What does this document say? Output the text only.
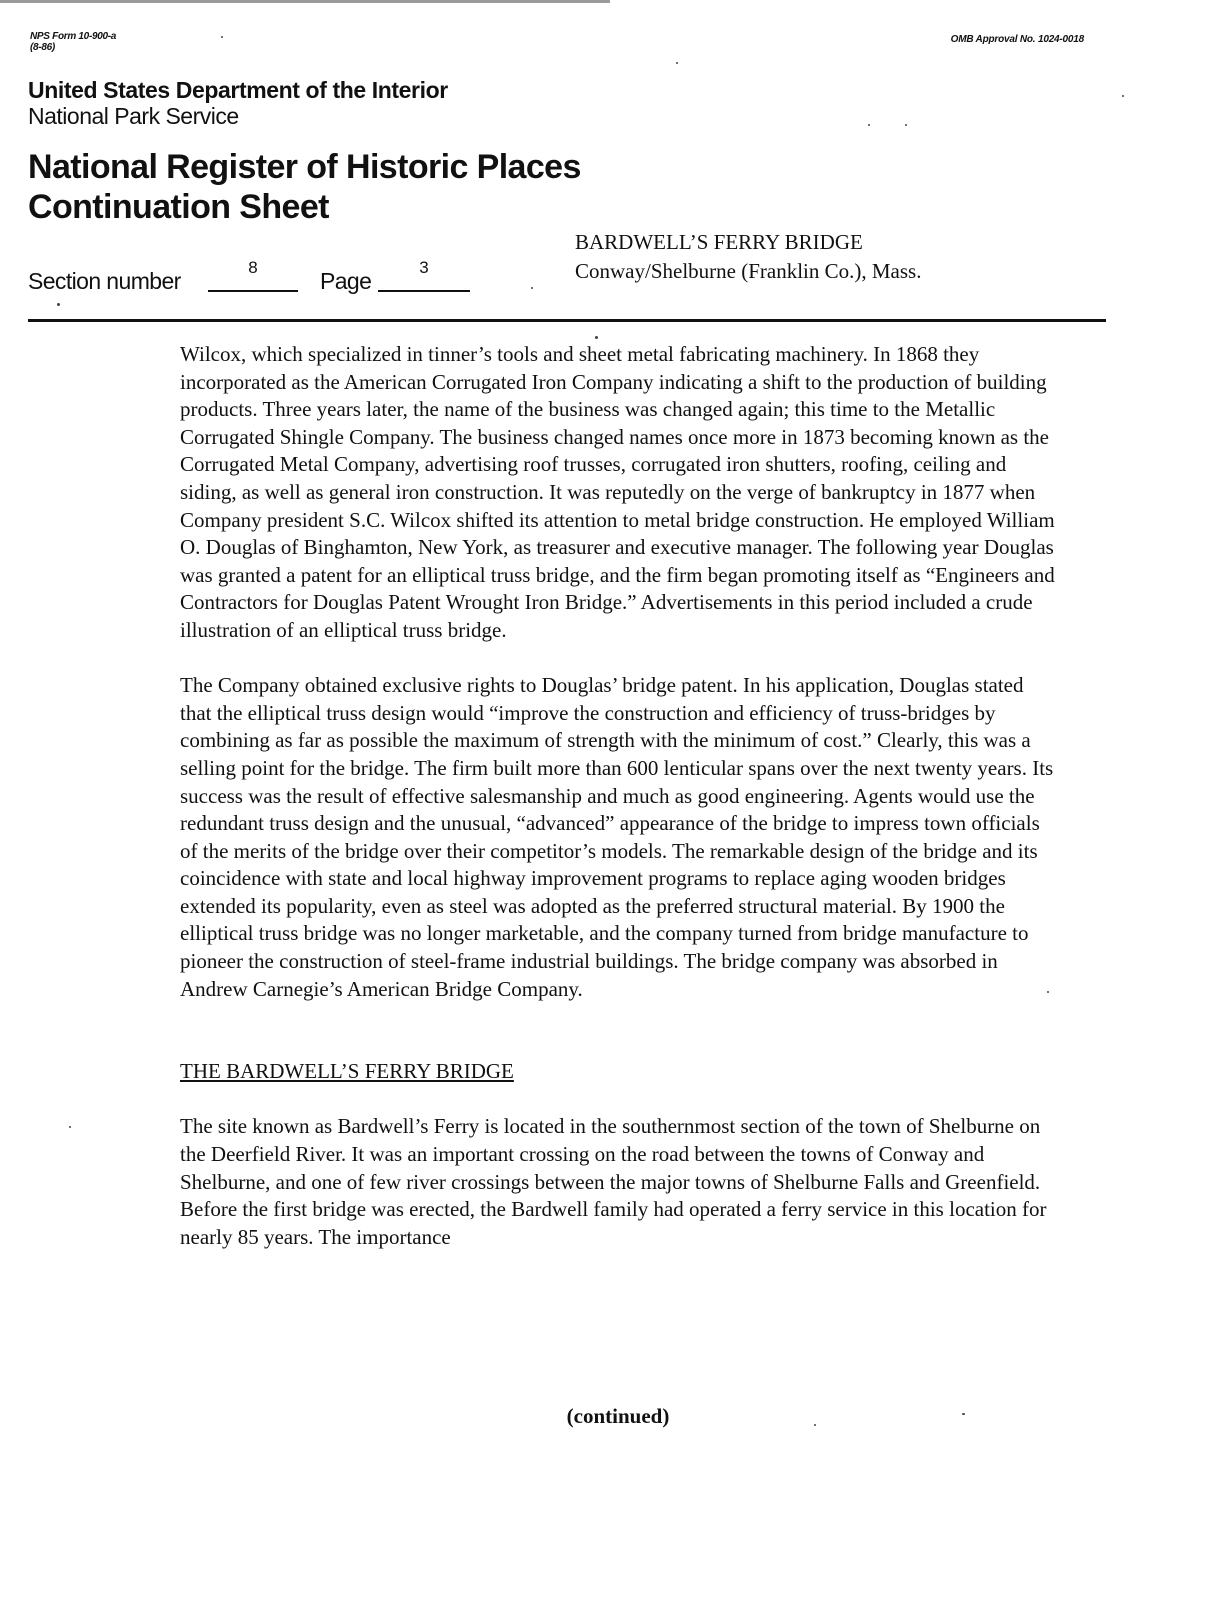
NPS Form 10-900-a
(8-86)
OMB Approval No. 1024-0018
United States Department of the Interior
National Park Service
National Register of Historic Places
Continuation Sheet
Section number
8
Page
3
BARDWELL’S FERRY BRIDGE
Conway/Shelburne (Franklin Co.), Mass.

Wilcox, which specialized in tinner’s tools and sheet metal fabricating machinery. In 1868 they incorporated as the American Corrugated Iron Company indicating a shift to the production of building products. Three years later, the name of the business was changed again; this time to the Metallic Corrugated Shingle Company. The business changed names once more in 1873 becoming known as the Corrugated Metal Company, advertising roof trusses, corrugated iron shutters, roofing, ceiling and siding, as well as general iron construction. It was reputedly on the verge of bankruptcy in 1877 when Company president S.C. Wilcox shifted its attention to metal bridge construction. He employed William O. Douglas of Binghamton, New York, as treasurer and executive manager. The following year Douglas was granted a patent for an elliptical truss bridge, and the firm began promoting itself as “Engineers and Contractors for Douglas Patent Wrought Iron Bridge.” Advertisements in this period included a crude illustration of an elliptical truss bridge.

The Company obtained exclusive rights to Douglas’ bridge patent. In his application, Douglas stated that the elliptical truss design would “improve the construction and efficiency of truss-bridges by combining as far as possible the maximum of strength with the minimum of cost.” Clearly, this was a selling point for the bridge. The firm built more than 600 lenticular spans over the next twenty years. Its success was the result of effective salesmanship and much as good engineering. Agents would use the redundant truss design and the unusual, “advanced” appearance of the bridge to impress town officials of the merits of the bridge over their competitor’s models. The remarkable design of the bridge and its coincidence with state and local highway improvement programs to replace aging wooden bridges extended its popularity, even as steel was adopted as the preferred structural material. By 1900 the elliptical truss bridge was no longer marketable, and the company turned from bridge manufacture to pioneer the construction of steel-frame industrial buildings. The bridge company was absorbed in Andrew Carnegie’s American Bridge Company.

THE BARDWELL’S FERRY BRIDGE

The site known as Bardwell’s Ferry is located in the southernmost section of the town of Shelburne on the Deerfield River. It was an important crossing on the road between the towns of Conway and Shelburne, and one of few river crossings between the major towns of Shelburne Falls and Greenfield. Before the first bridge was erected, the Bardwell family had operated a ferry service in this location for nearly 85 years. The importance

(continued)
